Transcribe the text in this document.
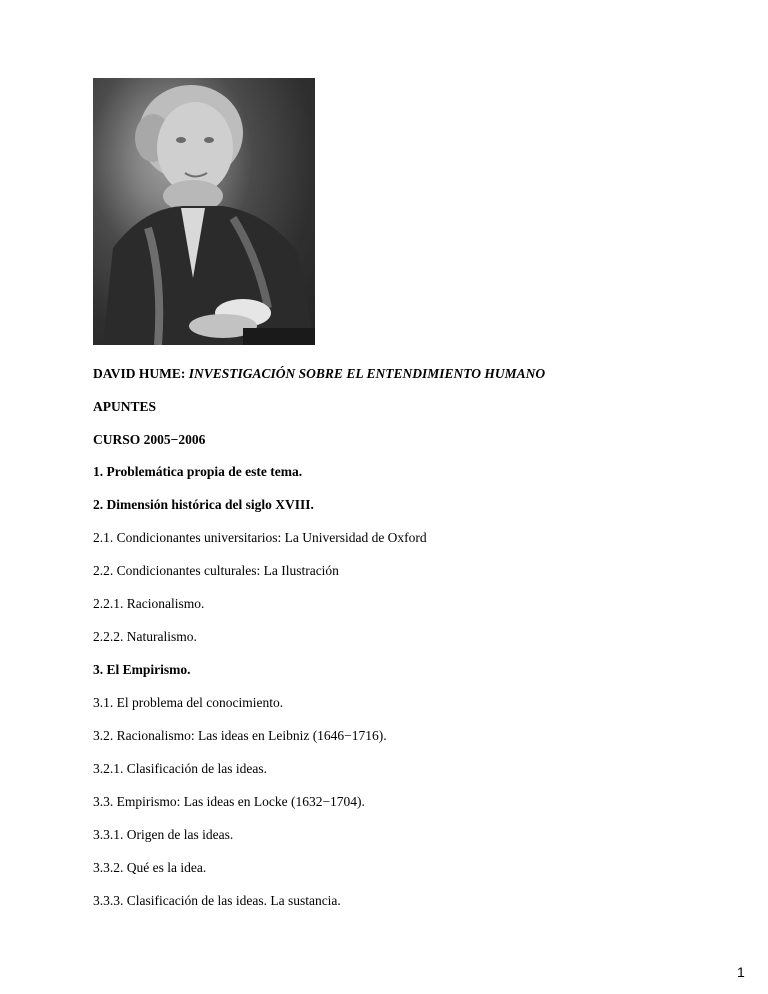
DAVID HUME: INVESTIGACIÓN SOBRE EL ENTENDIMIENTO HUMANO
APUNTES
CURSO 2005−2006
1. Problemática propia de este tema.
2. Dimensión histórica del siglo XVIII.
2.1. Condicionantes universitarios: La Universidad de Oxford
2.2. Condicionantes culturales: La Ilustración
2.2.1. Racionalismo.
2.2.2. Naturalismo.
3. El Empirismo.
3.1. El problema del conocimiento.
3.2. Racionalismo: Las ideas en Leibniz (1646−1716).
3.2.1. Clasificación de las ideas.
3.3. Empirismo: Las ideas en Locke (1632−1704).
3.3.1. Origen de las ideas.
3.3.2. Qué es la idea.
3.3.3. Clasificación de las ideas. La sustancia.
1
